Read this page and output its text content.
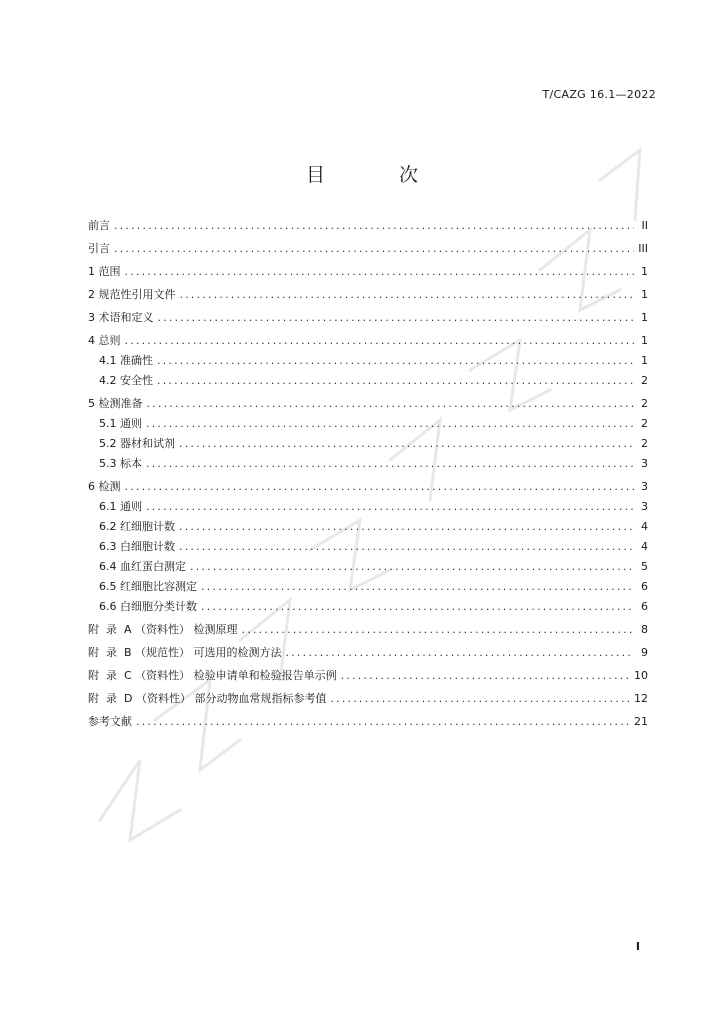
T/CAZG 16.1—2022
目 次
前言 .....	II
引言 .....	III
1 范围 .....	1
2 规范性引用文件 .....	1
3 术语和定义 .....	1
4 总则 .....	1
4.1 准确性 .....	1
4.2 安全性 .....	2
5 检测准备 .....	2
5.1 通则 .....	2
5.2 器材和试剂 .....	2
5.3 标本 .....	3
6 检测 .....	3
6.1 通则 .....	3
6.2 红细胞计数 .....	4
6.3 白细胞计数 .....	4
6.4 血红蛋白测定 .....	5
6.5 红细胞比容测定 .....	6
6.6 白细胞分类计数 .....	6
附  录  A （资料性） 检测原理 .....	8
附  录  B （规范性） 可选用的检测方法 .....	9
附  录  C （资料性） 检验申请单和检验报告单示例 .....	10
附  录  D （资料性） 部分动物血常规指标参考值 .....	12
参考文献 .....	21
I
